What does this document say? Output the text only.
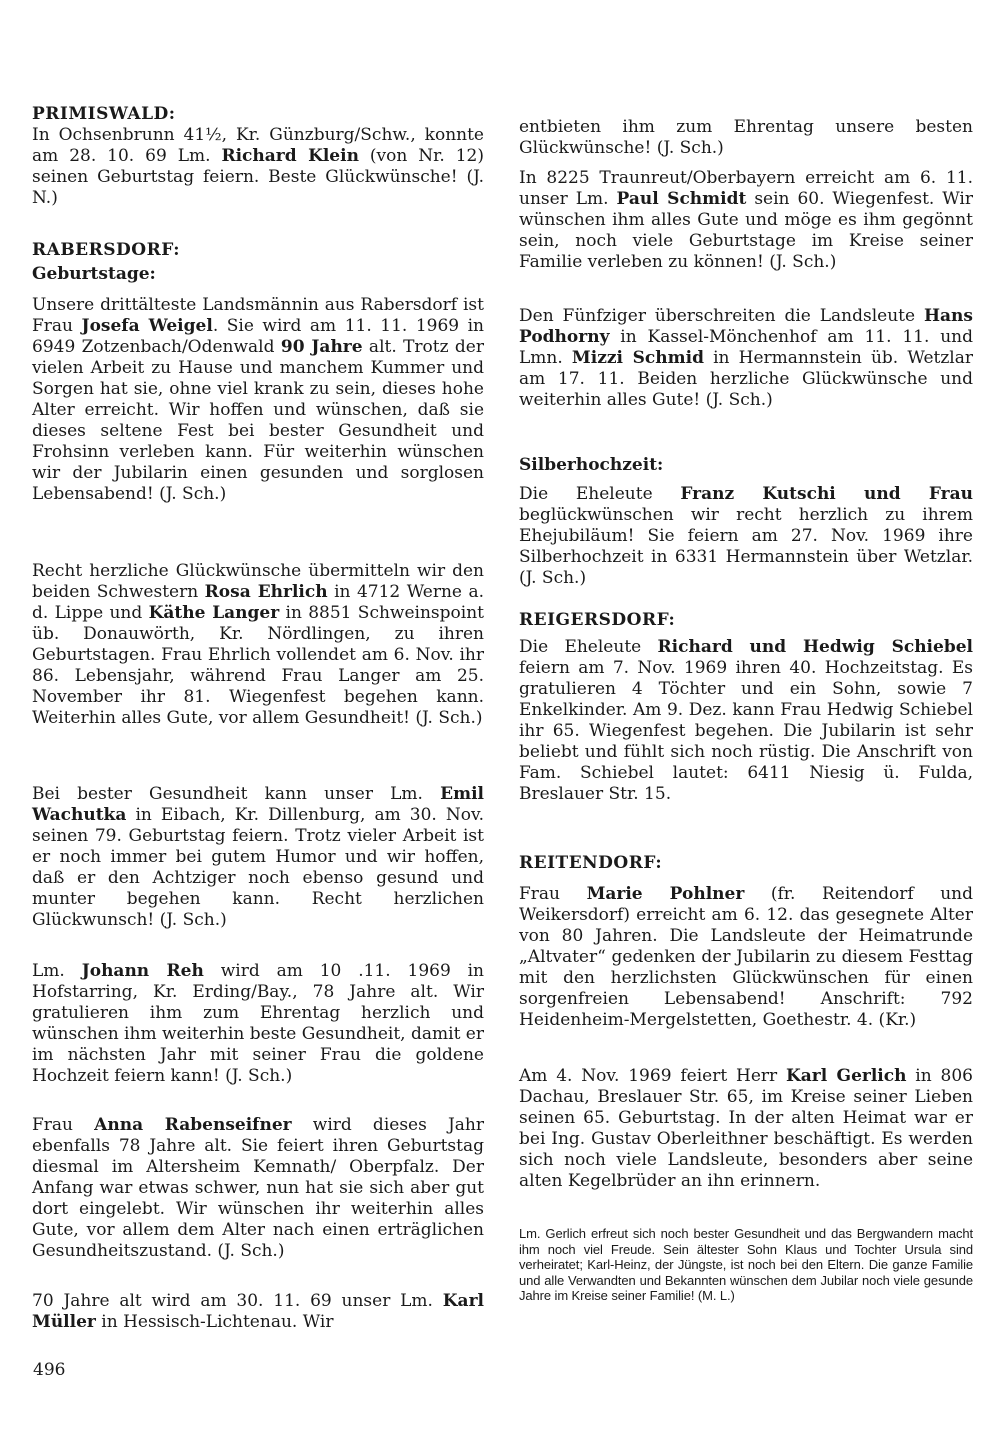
PRIMISWALD:

In Ochsenbrunn 41½, Kr. Günzburg/Schw., konnte am 28. 10. 69 Lm. Richard Klein (von Nr. 12) seinen Geburtstag feiern. Beste Glückwünsche! (J. N.)

RABERSDORF:
Geburtstage:

Unsere drittälteste Landsmännin aus Rabersdorf ist Frau Josefa Weigel. Sie wird am 11. 11. 1969 in 6949 Zotzenbach/Odenwald 90 Jahre alt. Trotz der vielen Arbeit zu Hause und manchem Kummer und Sorgen hat sie, ohne viel krank zu sein, dieses hohe Alter erreicht. Wir hoffen und wünschen, daß sie dieses seltene Fest bei bester Gesundheit und Frohsinn verleben kann. Für weiterhin wünschen wir der Jubilarin einen gesunden und sorglosen Lebensabend! (J. Sch.)

Recht herzliche Glückwünsche übermitteln wir den beiden Schwestern Rosa Ehrlich in 4712 Werne a. d. Lippe und Käthe Langer in 8851 Schweinspoint üb. Donauwörth, Kr. Nördlingen, zu ihren Geburtstagen. Frau Ehrlich vollendet am 6. Nov. ihr 86. Lebensjahr, während Frau Langer am 25. November ihr 81. Wiegenfest begehen kann. Weiterhin alles Gute, vor allem Gesundheit! (J. Sch.)

Bei bester Gesundheit kann unser Lm. Emil Wachutka in Eibach, Kr. Dillenburg, am 30. Nov. seinen 79. Geburtstag feiern. Trotz vieler Arbeit ist er noch immer bei gutem Humor und wir hoffen, daß er den Achtziger noch ebenso gesund und munter begehen kann. Recht herzlichen Glückwunsch! (J. Sch.)

Lm. Johann Reh wird am 10 .11. 1969 in Hofstarring, Kr. Erding/Bay., 78 Jahre alt. Wir gratulieren ihm zum Ehrentag herzlich und wünschen ihm weiterhin beste Gesundheit, damit er im nächsten Jahr mit seiner Frau die goldene Hochzeit feiern kann! (J. Sch.)

Frau Anna Rabenseifner wird dieses Jahr ebenfalls 78 Jahre alt. Sie feiert ihren Geburtstag diesmal im Altersheim Kemnath/ Oberpfalz. Der Anfang war etwas schwer, nun hat sie sich aber gut dort eingelebt. Wir wünschen ihr weiterhin alles Gute, vor allem dem Alter nach einen erträglichen Gesundheitszustand. (J. Sch.)

70 Jahre alt wird am 30. 11. 69 unser Lm. Karl Müller in Hessisch-Lichtenau. Wir

entbieten ihm zum Ehrentag unsere besten Glückwünsche! (J. Sch.)

In 8225 Traunreut/Oberbayern erreicht am 6. 11. unser Lm. Paul Schmidt sein 60. Wiegenfest. Wir wünschen ihm alles Gute und möge es ihm gegönnt sein, noch viele Geburtstage im Kreise seiner Familie verleben zu können! (J. Sch.)

Den Fünfziger überschreiten die Landsleute Hans Podhorny in Kassel-Mönchenhof am 11. 11. und Lmn. Mizzi Schmid in Hermannstein üb. Wetzlar am 17. 11. Beiden herzliche Glückwünsche und weiterhin alles Gute! (J. Sch.)

Silberhochzeit:

Die Eheleute Franz Kutschi und Frau beglückwünschen wir recht herzlich zu ihrem Ehejubiläum! Sie feiern am 27. Nov. 1969 ihre Silberhochzeit in 6331 Hermannstein über Wetzlar. (J. Sch.)

REIGERSDORF:

Die Eheleute Richard und Hedwig Schiebel feiern am 7. Nov. 1969 ihren 40. Hochzeitstag. Es gratulieren 4 Töchter und ein Sohn, sowie 7 Enkelkinder. Am 9. Dez. kann Frau Hedwig Schiebel ihr 65. Wiegenfest begehen. Die Jubilarin ist sehr beliebt und fühlt sich noch rüstig. Die Anschrift von Fam. Schiebel lautet: 6411 Niesig ü. Fulda, Breslauer Str. 15.

REITENDORF:

Frau Marie Pohlner (fr. Reitendorf und Weikersdorf) erreicht am 6. 12. das gesegnete Alter von 80 Jahren. Die Landsleute der Heimatrunde „Altvater“ gedenken der Jubilarin zu diesem Festtag mit den herzlichsten Glückwünschen für einen sorgenfreien Lebensabend! Anschrift: 792 Heidenheim-Mergelstetten, Goethestr. 4. (Kr.)

Am 4. Nov. 1969 feiert Herr Karl Gerlich in 806 Dachau, Breslauer Str. 65, im Kreise seiner Lieben seinen 65. Geburtstag. In der alten Heimat war er bei Ing. Gustav Oberleithner beschäftigt. Es werden sich noch viele Landsleute, besonders aber seine alten Kegelbrüder an ihn erinnern.

Lm. Gerlich erfreut sich noch bester Gesundheit und das Bergwandern macht ihm noch viel Freude. Sein ältester Sohn Klaus und Tochter Ursula sind verheiratet; Karl-Heinz, der Jüngste, ist noch bei den Eltern. Die ganze Familie und alle Verwandten und Bekannten wünschen dem Jubilar noch viele gesunde Jahre im Kreise seiner Familie! (M. L.)

496
